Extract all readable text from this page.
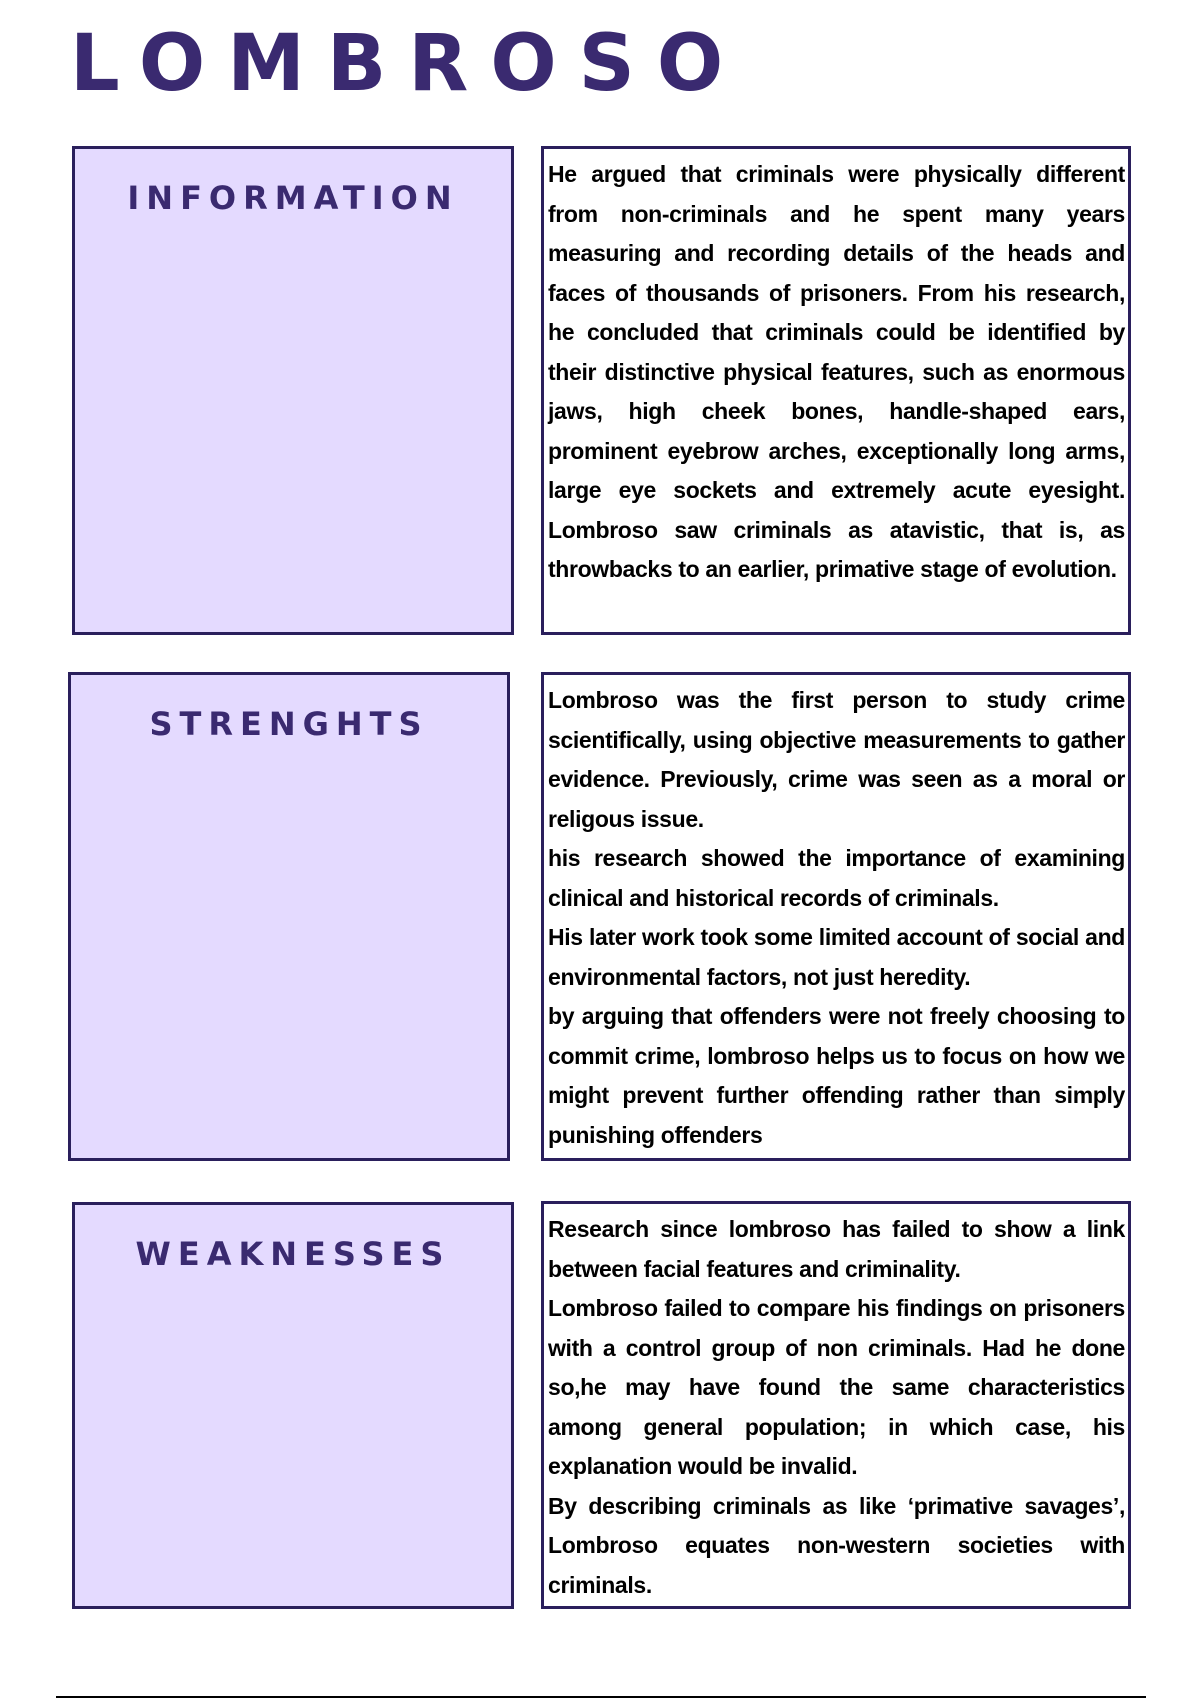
LOMBROSO
INFORMATION

He argued that criminals were physically different from non-criminals and he spent many years measuring and recording details of the heads and faces of thousands of prisoners. From his research, he concluded that criminals could be identified by their distinctive physical features, such as enormous jaws, high cheek bones, handle-shaped ears, prominent eyebrow arches, exceptionally long arms, large eye sockets and extremely acute eyesight. Lombroso saw criminals as atavistic, that is, as throwbacks to an earlier, primative stage of evolution.

STRENGHTS

Lombroso was the first person to study crime scientifically, using objective measurements to gather evidence. Previously, crime was seen as a moral or religous issue.

his research showed the importance of examining clinical and historical records of criminals.

His later work took some limited account of social and environmental factors, not just heredity.

by arguing that offenders were not freely choosing to commit crime, lombroso helps us to focus on how we might prevent further offending rather than simply punishing offenders

WEAKNESSES

Research since lombroso has failed to show a link between facial features and criminality.

Lombroso failed to compare his findings on prisoners with a control group of non criminals. Had he done so,he may have found the same characteristics among general population; in which case, his explanation would be invalid.

By describing criminals as like ‘primative savages’, Lombroso equates non-western societies with criminals.
